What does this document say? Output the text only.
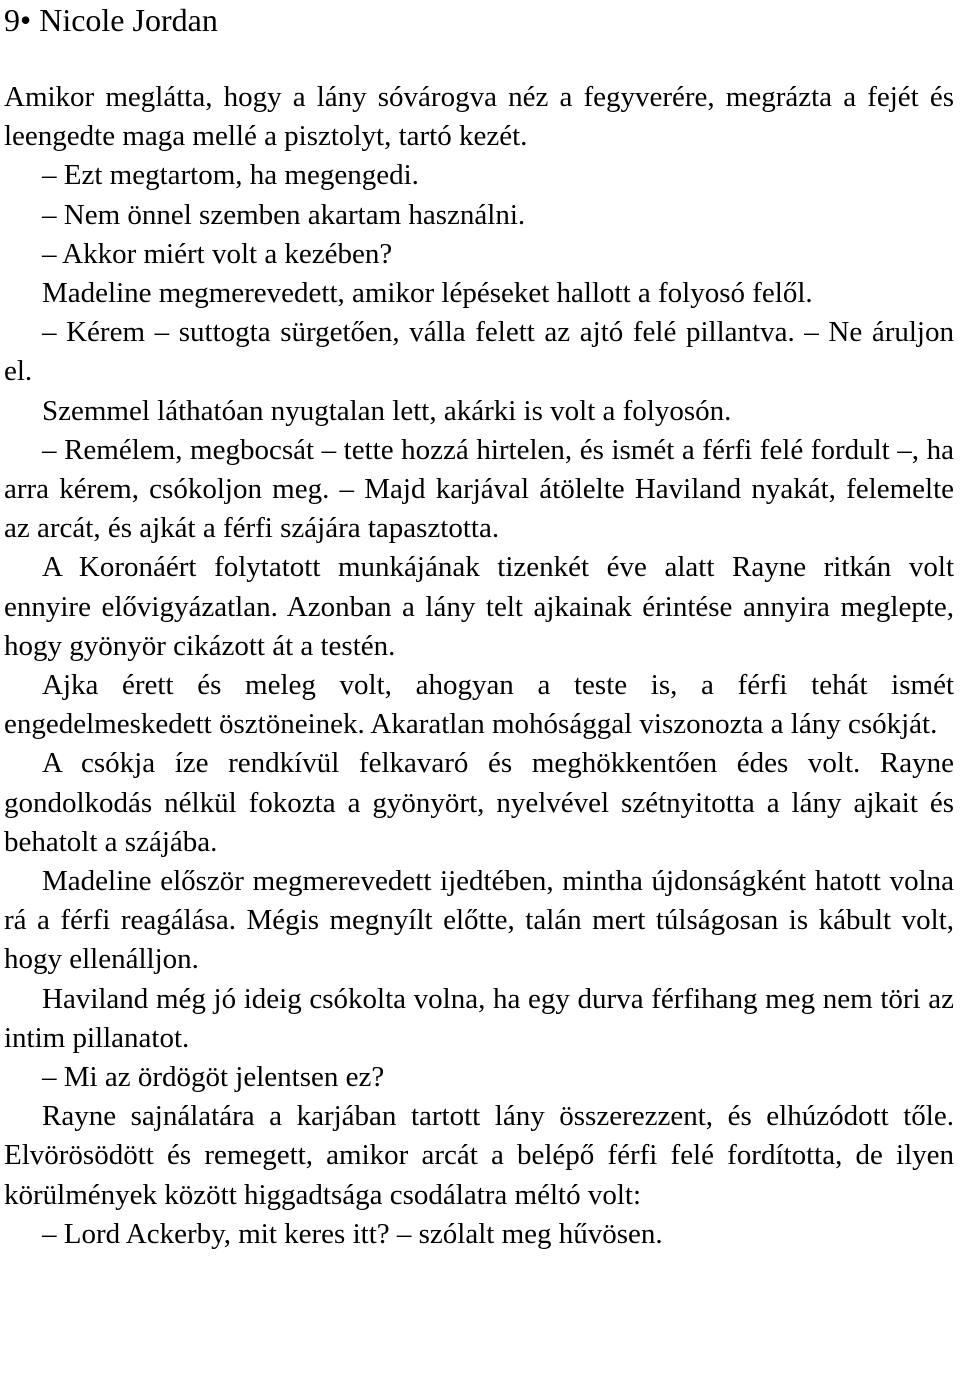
9• Nicole Jordan

Amikor meglátta, hogy a lány sóvárogva néz a fegyverére, megrázta a fejét és leengedte maga mellé a pisztolyt, tartó kezét.

– Ezt megtartom, ha megengedi.

– Nem önnel szemben akartam használni.

– Akkor miért volt a kezében?

Madeline megmerevedett, amikor lépéseket hallott a folyosó felől.

– Kérem – suttogta sürgetően, válla felett az ajtó felé pillantva. – Ne áruljon el.

Szemmel láthatóan nyugtalan lett, akárki is volt a folyosón.

– Remélem, megbocsát – tette hozzá hirtelen, és ismét a férfi felé fordult –, ha arra kérem, csókoljon meg. – Majd karjával átölelte Haviland nyakát, felemelte az arcát, és ajkát a férfi szájára tapasztotta.

A Koronáért folytatott munkájának tizenkét éve alatt Rayne ritkán volt ennyire elővigyázatlan. Azonban a lány telt ajkainak érintése annyira meglepte, hogy gyönyör cikázott át a testén.

Ajka érett és meleg volt, ahogyan a teste is, a férfi tehát ismét engedelmeskedett ösztöneinek. Akaratlan mohósággal viszonozta a lány csókját.

A csókja íze rendkívül felkavaró és meghökkentően édes volt. Rayne gondolkodás nélkül fokozta a gyönyört, nyelvével szétnyitotta a lány ajkait és behatolt a szájába.

Madeline először megmerevedett ijedtében, mintha újdonságként hatott volna rá a férfi reagálása. Mégis megnyílt előtte, talán mert túlságosan is kábult volt, hogy ellenálljon.

Haviland még jó ideig csókolta volna, ha egy durva férfihang meg nem töri az intim pillanatot.

– Mi az ördögöt jelentsen ez?

Rayne sajnálatára a karjában tartott lány összerezzent, és elhúzódott tőle. Elvörösödött és remegett, amikor arcát a belépő férfi felé fordította, de ilyen körülmények között higgadtsága csodálatra méltó volt:

– Lord Ackerby, mit keres itt? – szólalt meg hűvösen.
